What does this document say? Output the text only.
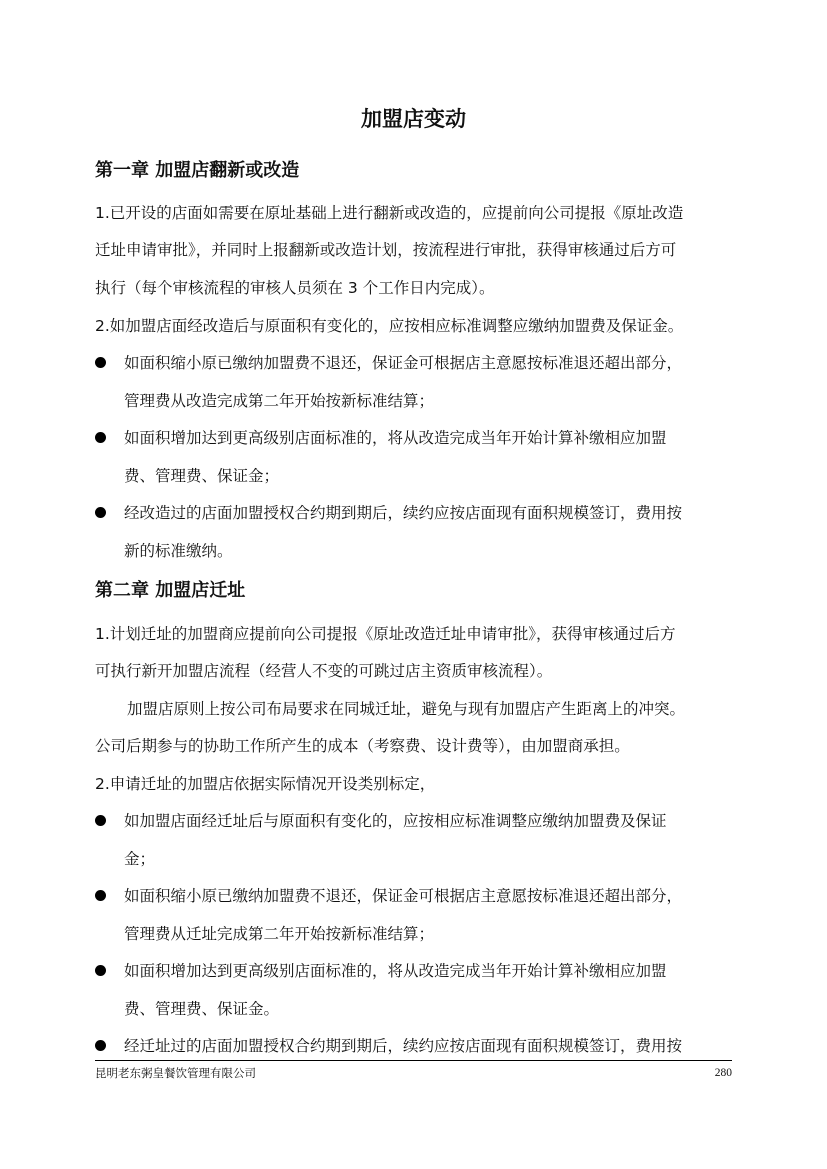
加盟店变动
第一章 加盟店翻新或改造

1.已开设的店面如需要在原址基础上进行翻新或改造的，应提前向公司提报《原址改造

迁址申请审批》，并同时上报翻新或改造计划，按流程进行审批，获得审核通过后方可

执行（每个审核流程的审核人员须在 3 个工作日内完成）。

2.如加盟店面经改造后与原面积有变化的，应按相应标准调整应缴纳加盟费及保证金。

如面积缩小原已缴纳加盟费不退还，保证金可根据店主意愿按标准退还超出部分，

管理费从改造完成第二年开始按新标准结算；

如面积增加达到更高级别店面标准的，将从改造完成当年开始计算补缴相应加盟

费、管理费、保证金；

经改造过的店面加盟授权合约期到期后，续约应按店面现有面积规模签订，费用按

新的标准缴纳。

第二章 加盟店迁址

1.计划迁址的加盟商应提前向公司提报《原址改造迁址申请审批》，获得审核通过后方

可执行新开加盟店流程（经营人不变的可跳过店主资质审核流程）。

加盟店原则上按公司布局要求在同城迁址，避免与现有加盟店产生距离上的冲突。

公司后期参与的协助工作所产生的成本（考察费、设计费等），由加盟商承担。

2.申请迁址的加盟店依据实际情况开设类别标定，

如加盟店面经迁址后与原面积有变化的，应按相应标准调整应缴纳加盟费及保证

金；

如面积缩小原已缴纳加盟费不退还，保证金可根据店主意愿按标准退还超出部分，

管理费从迁址完成第二年开始按新标准结算；

如面积增加达到更高级别店面标准的，将从改造完成当年开始计算补缴相应加盟

费、管理费、保证金。

经迁址过的店面加盟授权合约期到期后，续约应按店面现有面积规模签订，费用按

昆明老东粥皇餐饮管理有限公司	280
